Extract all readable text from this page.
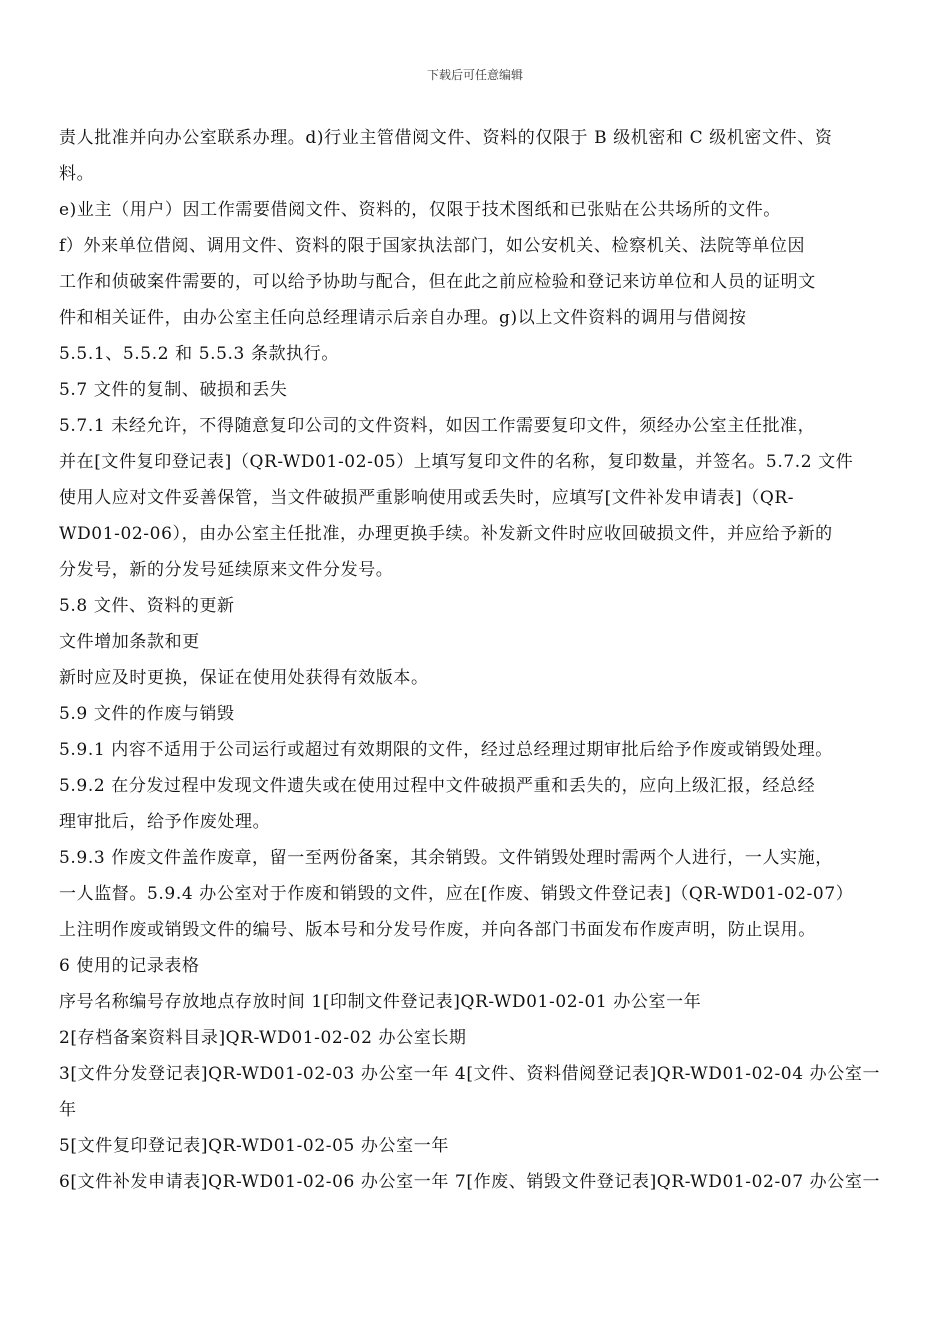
下载后可任意编辑
责人批准并向办公室联系办理。d)行业主管借阅文件、资料的仅限于 B 级机密和 C 级机密文件、资
料。
e)业主（用户）因工作需要借阅文件、资料的，仅限于技术图纸和已张贴在公共场所的文件。
f）外来单位借阅、调用文件、资料的限于国家执法部门，如公安机关、检察机关、法院等单位因
工作和侦破案件需要的，可以给予协助与配合，但在此之前应检验和登记来访单位和人员的证明文
件和相关证件，由办公室主任向总经理请示后亲自办理。g)以上文件资料的调用与借阅按
5.5.1、5.5.2 和 5.5.3 条款执行。
5.7 文件的复制、破损和丢失
5.7.1 未经允许，不得随意复印公司的文件资料，如因工作需要复印文件，须经办公室主任批准，
并在[文件复印登记表]（QR-WD01-02-05）上填写复印文件的名称，复印数量，并签名。5.7.2 文件
使用人应对文件妥善保管，当文件破损严重影响使用或丢失时，应填写[文件补发申请表]（QR-
WD01-02-06），由办公室主任批准，办理更换手续。补发新文件时应收回破损文件，并应给予新的
分发号，新的分发号延续原来文件分发号。
5.8 文件、资料的更新
文件增加条款和更
新时应及时更换，保证在使用处获得有效版本。
5.9 文件的作废与销毁
5.9.1 内容不适用于公司运行或超过有效期限的文件，经过总经理过期审批后给予作废或销毁处理。
5.9.2 在分发过程中发现文件遗失或在使用过程中文件破损严重和丢失的，应向上级汇报，经总经
理审批后，给予作废处理。
5.9.3 作废文件盖作废章，留一至两份备案，其余销毁。文件销毁处理时需两个人进行，一人实施，
一人监督。5.9.4 办公室对于作废和销毁的文件，应在[作废、销毁文件登记表]（QR-WD01-02-07）
上注明作废或销毁文件的编号、版本号和分发号作废，并向各部门书面发布作废声明，防止误用。
6 使用的记录表格
序号名称编号存放地点存放时间 1[印制文件登记表]QR-WD01-02-01 办公室一年
2[存档备案资料目录]QR-WD01-02-02 办公室长期
3[文件分发登记表]QR-WD01-02-03 办公室一年 4[文件、资料借阅登记表]QR-WD01-02-04 办公室一
年
5[文件复印登记表]QR-WD01-02-05 办公室一年
6[文件补发申请表]QR-WD01-02-06 办公室一年 7[作废、销毁文件登记表]QR-WD01-02-07 办公室一
